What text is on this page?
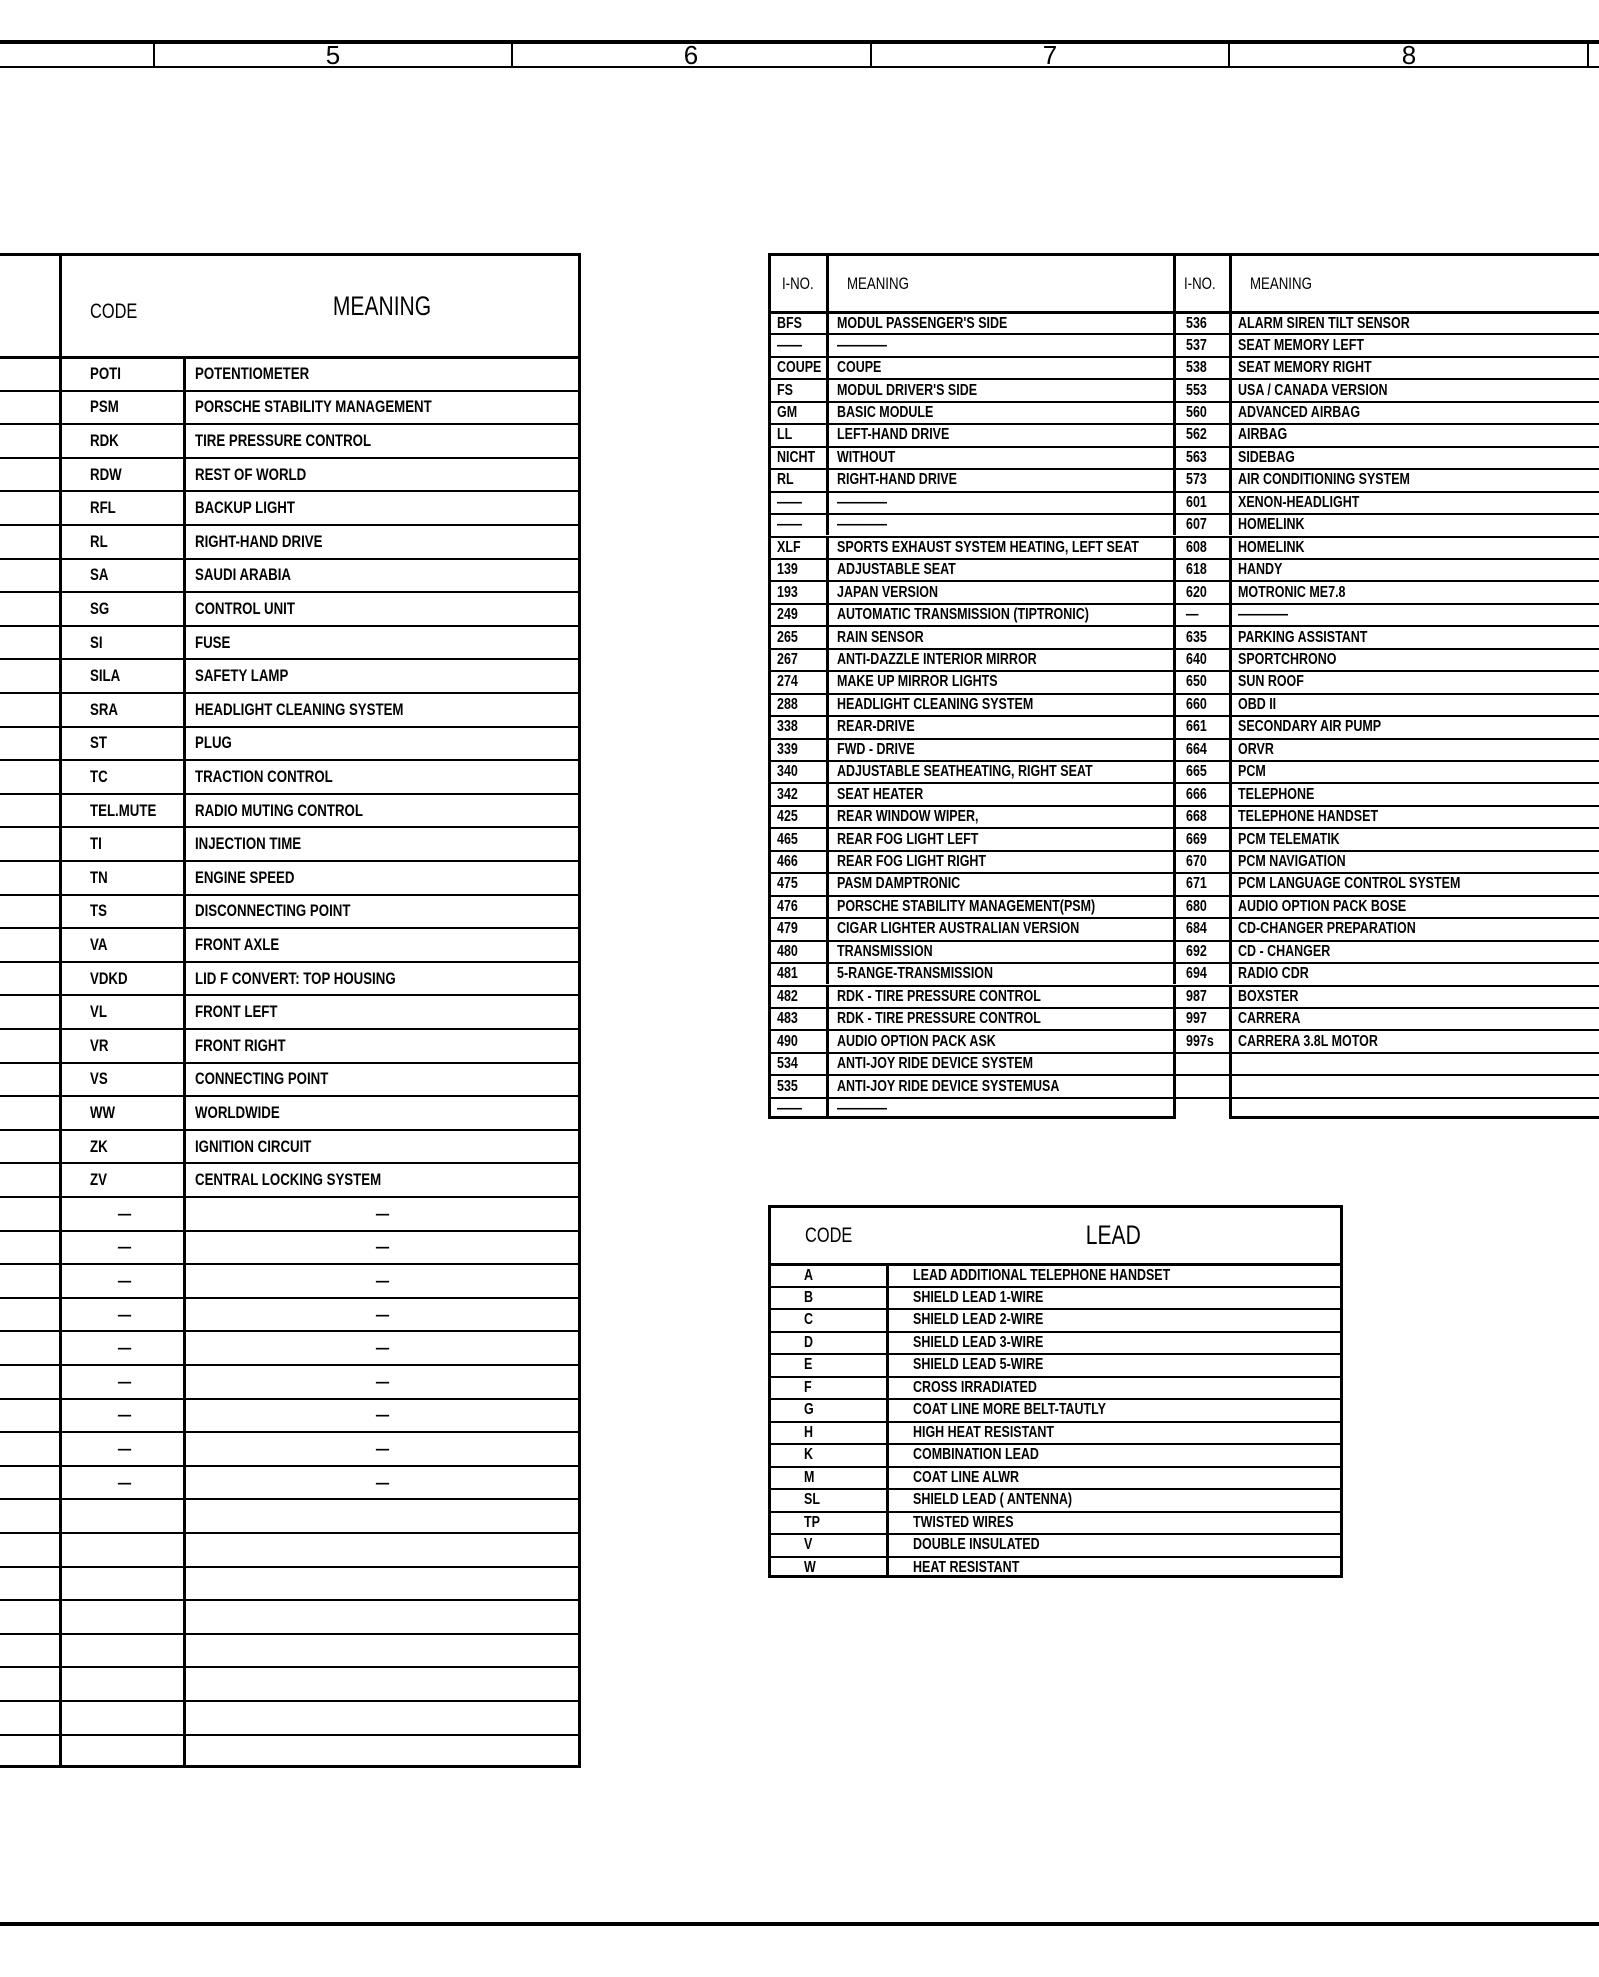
5	6	7	8
CODE	MEANING
POTI	POTENTIOMETER
PSM	PORSCHE STABILITY MANAGEMENT
RDK	TIRE PRESSURE CONTROL
RDW	REST OF WORLD
RFL	BACKUP LIGHT
RL	RIGHT-HAND DRIVE
SA	SAUDI ARABIA
SG	CONTROL UNIT
SI	FUSE
SILA	SAFETY LAMP
SRA	HEADLIGHT CLEANING SYSTEM
ST	PLUG
TC	TRACTION CONTROL
TEL.MUTE RADIO MUTING CONTROL
TI	INJECTION TIME
TN	ENGINE SPEED
TS	DISCONNECTING POINT
VA	FRONT AXLE
VDKD	LID F CONVERT: TOP HOUSING
VL	FRONT LEFT
VR	FRONT RIGHT
VS	CONNECTING POINT
WW	WORLDWIDE
ZK	IGNITION CIRCUIT
ZV	CENTRAL LOCKING SYSTEM
—	—
—	—
—	—
—	—
—	—
—	—
—	—
—	—
—	—
I-NO. MEANING	I-NO. MEANING
BFS MODUL PASSENGER'S SIDE	536 ALARM SIREN TILT SENSOR
—— ————	537 SEAT MEMORY LEFT
COUPE COUPE	538 SEAT MEMORY RIGHT
FS	MODUL DRIVER'S SIDE	553 USA / CANADA VERSION
GM BASIC MODULE	560 ADVANCED AIRBAG
LL	LEFT-HAND DRIVE	562 AIRBAG
NICHT WITHOUT	563 SIDEBAG
RL	RIGHT-HAND DRIVE	573 AIR CONDITIONING SYSTEM
—— ————	601 XENON-HEADLIGHT
—— ————	607 HOMELINK
XLF SPORTS EXHAUST SYSTEM HEATING, LEFT SEAT	608 HOMELINK
139 ADJUSTABLE SEAT	618 HANDY
193 JAPAN VERSION	620 MOTRONIC ME7.8
249 AUTOMATIC TRANSMISSION (TIPTRONIC)	— ————
265 RAIN SENSOR	635 PARKING ASSISTANT
267 ANTI-DAZZLE INTERIOR MIRROR	640 SPORTCHRONO
274 MAKE UP MIRROR LIGHTS	650 SUN ROOF
288 HEADLIGHT CLEANING SYSTEM	660 OBD II
338 REAR-DRIVE	661 SECONDARY AIR PUMP
339 FWD - DRIVE	664 ORVR
340 ADJUSTABLE SEATHEATING, RIGHT SEAT	665 PCM
342 SEAT HEATER	666 TELEPHONE
425 REAR WINDOW WIPER,	668 TELEPHONE HANDSET
465 REAR FOG LIGHT LEFT	669 PCM TELEMATIK
466 REAR FOG LIGHT RIGHT	670 PCM NAVIGATION
475 PASM DAMPTRONIC	671 PCM LANGUAGE CONTROL SYSTEM
476 PORSCHE STABILITY MANAGEMENT(PSM)	680 AUDIO OPTION PACK BOSE
479 CIGAR LIGHTER AUSTRALIAN VERSION	684 CD-CHANGER PREPARATION
480 TRANSMISSION	692 CD - CHANGER
481 5-RANGE-TRANSMISSION	694 RADIO CDR
482 RDK - TIRE PRESSURE CONTROL	987 BOXSTER
483 RDK - TIRE PRESSURE CONTROL	997 CARRERA
490 AUDIO OPTION PACK ASK	997s CARRERA 3.8L MOTOR
534 ANTI-JOY RIDE DEVICE SYSTEM
535 ANTI-JOY RIDE DEVICE SYSTEMUSA
—— ————
CODE	LEAD
A	LEAD ADDITIONAL TELEPHONE HANDSET
B	SHIELD LEAD 1-WIRE
C	SHIELD LEAD 2-WIRE
D	SHIELD LEAD 3-WIRE
E	SHIELD LEAD 5-WIRE
F	CROSS IRRADIATED
G	COAT LINE MORE BELT-TAUTLY
H	HIGH HEAT RESISTANT
K	COMBINATION LEAD
M	COAT LINE ALWR
SL	SHIELD LEAD ( ANTENNA)
TP	TWISTED WIRES
V	DOUBLE INSULATED
W	HEAT RESISTANT
